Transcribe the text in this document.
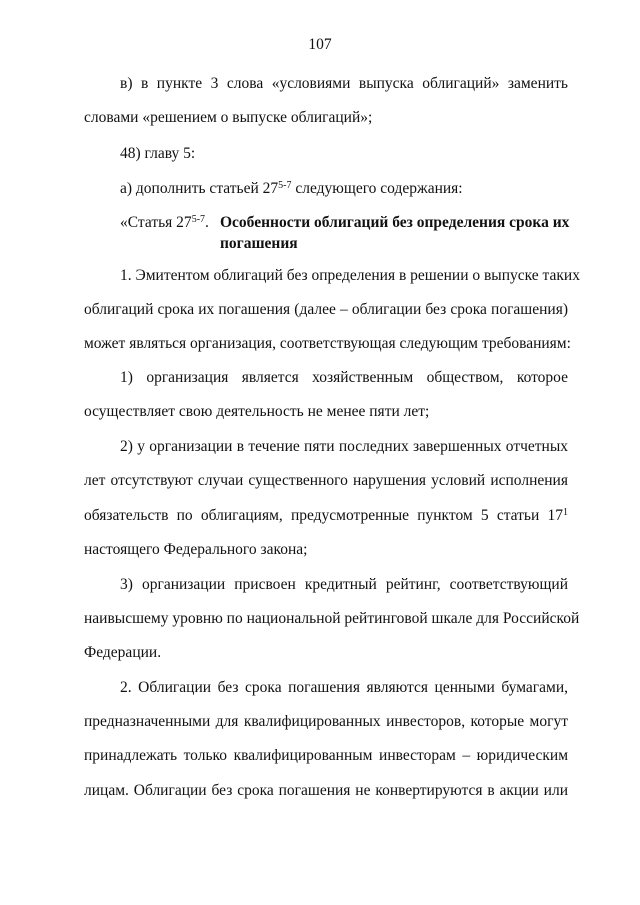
107
в) в пункте 3 слова «условиями выпуска облигаций» заменить
словами «решением о выпуске облигаций»;
48) главу 5:
а) дополнить статьей 27$^{5-7}$ следующего содержания:
«Статья 27$^{5-7}$. Особенности облигаций без определения срока их
погашения
1. Эмитентом облигаций без определения в решении о выпуске таких
облигаций срока их погашения (далее – облигации без срока погашения)
может являться организация, соответствующая следующим требованиям:
1) организация является хозяйственным обществом, которое
осуществляет свою деятельность не менее пяти лет;
2) у организации в течение пяти последних завершенных отчетных
лет отсутствуют случаи существенного нарушения условий исполнения
обязательств по облигациям, предусмотренные пунктом 5 статьи $17^1$
настоящего Федерального закона;
3) организации присвоен кредитный рейтинг, соответствующий
наивысшему уровню по национальной рейтинговой шкале для Российской
Федерации.
2. Облигации без срока погашения являются ценными бумагами,
предназначенными для квалифицированных инвесторов, которые могут
принадлежать только квалифицированным инвесторам – юридическим
лицам. Облигации без срока погашения не конвертируются в акции или
